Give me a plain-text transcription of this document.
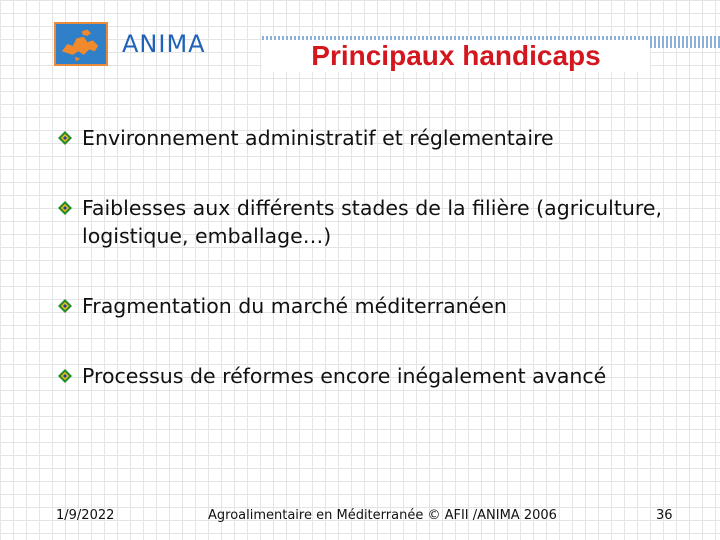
ANIMA	Principaux handicaps
Environnement administratif et réglementaire
Faiblesses aux différents stades de la filière (agriculture, logistique, emballage…)
Fragmentation du marché méditerranéen
Processus de réformes encore inégalement avancé
1/9/2022	Agroalimentaire en Méditerranée © AFII /ANIMA 2006	36
